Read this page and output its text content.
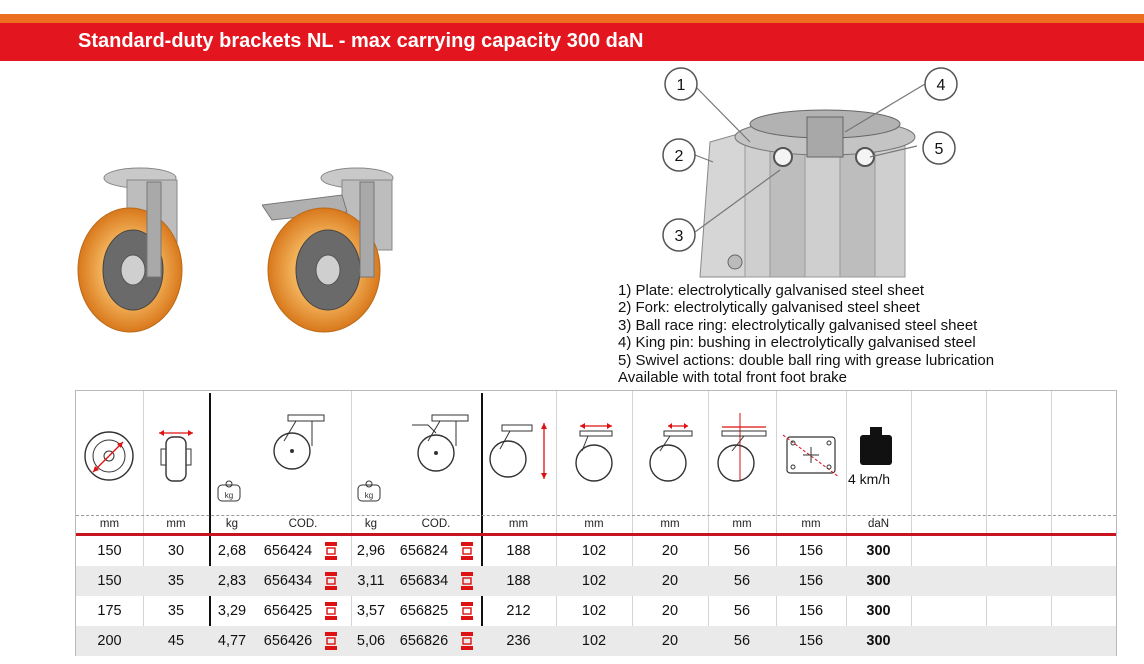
Standard-duty brackets NL - max carrying capacity 300 daN
1
2
3
4
5
1) Plate: electrolytically galvanised steel sheet
2) Fork: electrolytically galvanised steel sheet
3) Ball race ring: electrolytically galvanised steel sheet
4) King pin: bushing in electrolytically galvanised steel
5) Swivel actions: double ball ring with grease lubrication
Available with total front foot brake
kg	kg
4 km/h
mm	mm	kg	COD.	kg	COD.	mm	mm	mm	mm	mm	daN
150	30	2,68	656424	2,96	656824	188	102	20	56	156	300
150	35	2,83	656434	3,11	656834	188	102	20	56	156	300
175	35	3,29	656425	3,57	656825	212	102	20	56	156	300
200	45	4,77	656426	5,06	656826	236	102	20	56	156	300
